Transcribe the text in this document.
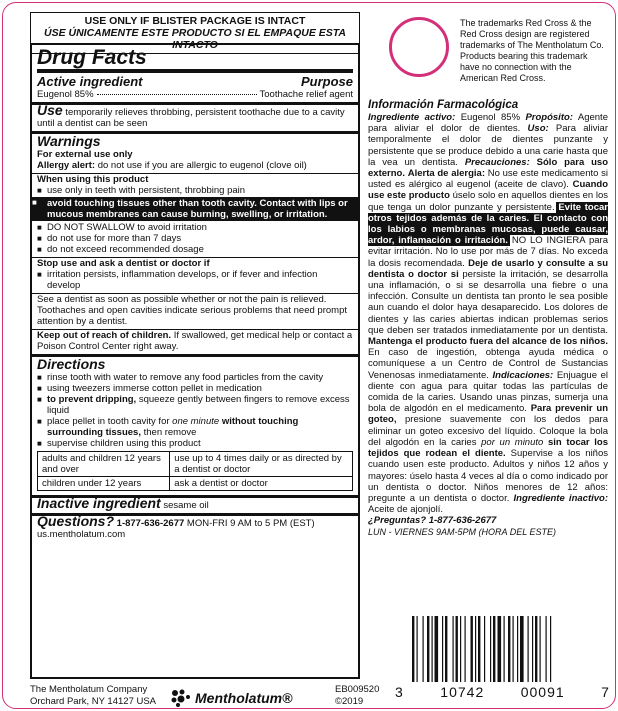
USE ONLY IF BLISTER PACKAGE IS INTACT
ÚSE ÚNICAMENTE ESTE PRODUCTO SI EL EMPAQUE ESTA INTACTO
Drug Facts
Active ingredient	Purpose
Eugenol 85%	Toothache relief agent
Use temporarily relieves throbbing, persistent toothache due to a cavity until a dentist can be seen
Warnings
For external use only
Allergy alert: do not use if you are allergic to eugenol (clove oil)
When using this product
■ use only in teeth with persistent, throbbing pain
■ avoid touching tissues other than tooth cavity. Contact with lips or mucous membranes can cause burning, swelling, or irritation.
■ DO NOT SWALLOW to avoid irritation
■ do not use for more than 7 days
■ do not exceed recommended dosage
Stop use and ask a dentist or doctor if
■ irritation persists, inflammation develops, or if fever and infection develop
See a dentist as soon as possible whether or not the pain is relieved. Toothaches and open cavities indicate serious problems that need prompt attention by a dentist.
Keep out of reach of children. If swallowed, get medical help or contact a Poison Control Center right away.
Directions
■ rinse tooth with water to remove any food particles from the cavity
■ using tweezers immerse cotton pellet in medication
■ to prevent dripping, squeeze gently between fingers to remove excess liquid
■ place pellet in tooth cavity for one minute without touching surrounding tissues, then remove
■ supervise children using this product
adults and children 12 years and over	use up to 4 times daily or as directed by a dentist or doctor
children under 12 years	ask a dentist or doctor
Inactive ingredient sesame oil
Questions? 1-877-636-2677 MON-FRI 9 AM to 5 PM (EST)
us.mentholatum.com
The trademarks Red Cross & the Red Cross design are registered trademarks of The Mentholatum Co. Products bearing this trademark have no connection with the American Red Cross.
Información Farmacológica
Ingrediente activo: Eugenol 85% Propósito: Agente para aliviar el dolor de dientes. Uso: Para aliviar temporalmente el dolor de dientes punzante y persistente que se produce debido a una carie hasta que la vea un dentista. Precauciones: Sólo para uso externo. Alerta de alergia: No use este medicamento si usted es alérgico al eugenol (aceite de clavo). Cuando use este producto úselo solo en aquellos dientes en los que tenga un dolor punzante y persistente. Evite tocar otros tejidos además de la caries. El contacto con los labios o membranas mucosas, puede causar, ardor, inflamación o irritación. NO LO INGIERA para evitar irritación. No lo use por más de 7 días. No exceda la dosis recomendada. Deje de usarlo y consulte a su dentista o doctor si persiste la irritación, se desarrolla una inflamación, o si se desarrolla una fiebre o una infección. Consulte un dentista tan pronto le sea posible aun cuando el dolor haya desaparecido. Los dolores de dientes y las caries abiertas indican problemas serios que deben ser tratados inmediatamente por un dentista. Mantenga el producto fuera del alcance de los niños. En caso de ingestión, obtenga ayuda médica o comuníquese a un Centro de Control de Sustancias Venenosas inmediatamente. Indicaciones: Enjuague el diente con agua para quitar todas las partículas de comida de la caries. Usando unas pinzas, sumerja una bola de algodón en el medicamento. Para prevenir un goteo, presione suavemente con los dedos para eliminar un goteo excesivo del líquido. Coloque la bola del algodón en la caries por un minuto sin tocar los tejidos que rodean el diente. Supervise a los niños cuando usen este producto. Adultos y niños 12 años y mayores: úselo hasta 4 veces al día o como indicado por un dentista o doctor. Niños menores de 12 años: pregunte a un dentista o doctor. Ingrediente inactivo: Aceite de ajonjolí.
¿Preguntas? 1-877-636-2677
LUN - VIERNES 9AM-5PM (HORA DEL ESTE)
3	10742	00091	7
The Mentholatum Company
Orchard Park, NY 14127 USA	Mentholatum®
EB009520
©2019
